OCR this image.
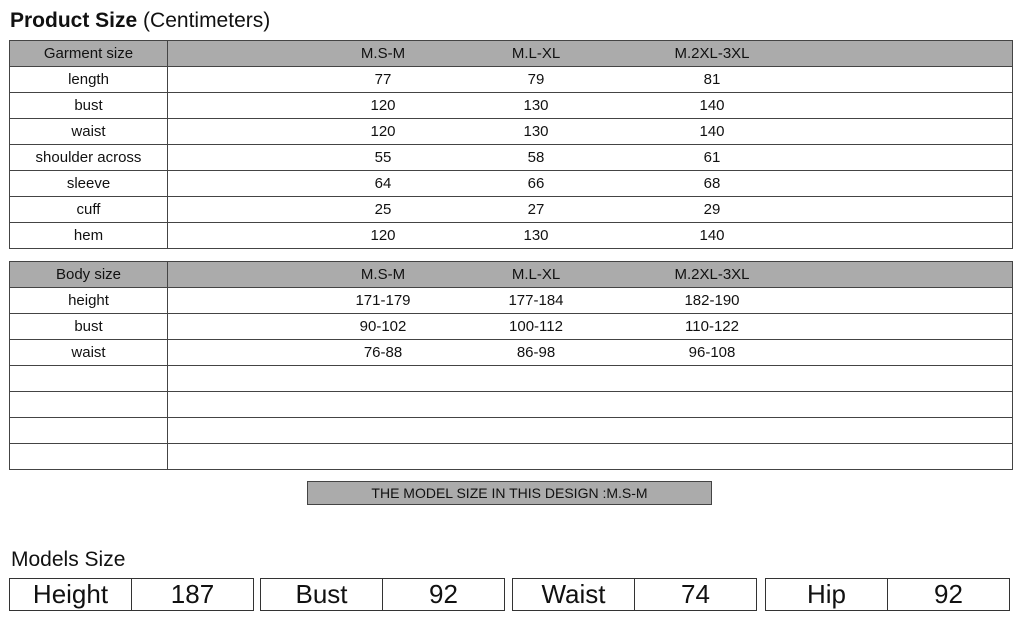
Product Size (Centimeters)
Garment size	M.S-M M.L-XL M.2XL-3XL

length	77 79 81

bust	120 130 140

waist	120 130 140

shoulder across	55 58 61

sleeve	64 66 68

cuff	25 27 29

hem	120 130 140
Body size	M.S-M M.L-XL M.2XL-3XL

height	171-179 177-184 182-190

bust	90-102 100-112 110-122

waist	76-88 86-98 96-108

THE MODEL SIZE IN THIS DESIGN :M.S-M
Models Size
Height	187	Bust	92	Waist	74	Hip	92
